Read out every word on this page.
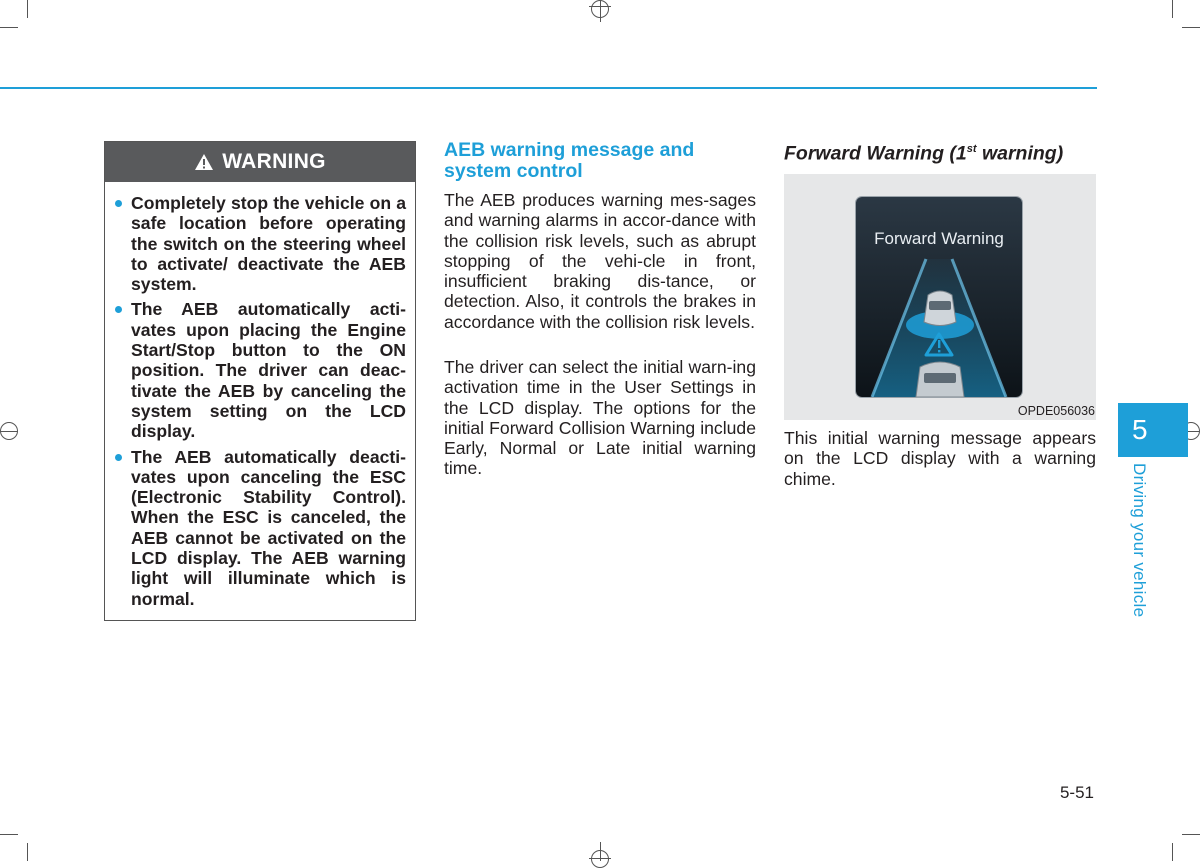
WARNING
Completely stop the vehicle on a safe location before operating the switch on the steering wheel to activate/ deactivate the AEB system.
The AEB automatically acti-vates upon placing the Engine Start/Stop button to the ON position. The driver can deac-tivate the AEB by canceling the system setting on the LCD display.
The AEB automatically deacti-vates upon canceling the ESC (Electronic Stability Control). When the ESC is canceled, the AEB cannot be activated on the LCD display. The AEB warning light will illuminate which is normal.
AEB warning message and system control

The AEB produces warning mes-sages and warning alarms in accor-dance with the collision risk levels, such as abrupt stopping of the vehi-cle in front, insufficient braking dis-tance, or detection. Also, it controls the brakes in accordance with the collision risk levels.

The driver can select the initial warn-ing activation time in the User Settings in the LCD display. The options for the initial Forward Collision Warning include Early, Normal or Late initial warning time.

Forward Warning (1st warning)
Forward Warning
OPDE056036

This initial warning message appears on the LCD display with a warning chime.

5
Driving your vehicle
5-51
